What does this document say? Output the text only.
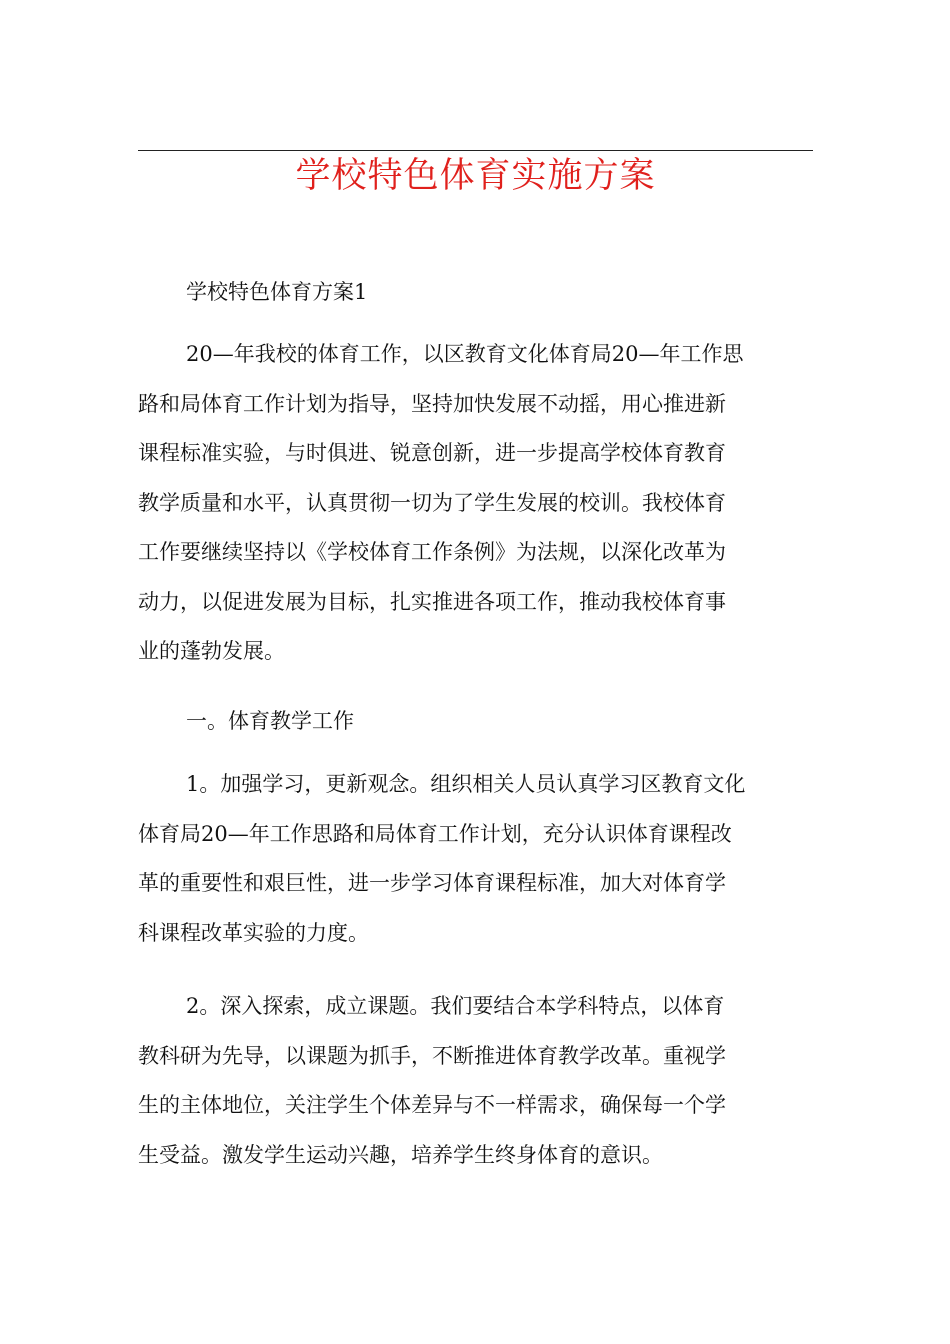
学校特色体育实施方案
学校特色体育方案1
20—年我校的体育工作，以区教育文化体育局20—年工作思
路和局体育工作计划为指导，坚持加快发展不动摇，用心推进新
课程标准实验，与时俱进、锐意创新，进一步提高学校体育教育
教学质量和水平，认真贯彻一切为了学生发展的校训。我校体育
工作要继续坚持以《学校体育工作条例》为法规，以深化改革为
动力，以促进发展为目标，扎实推进各项工作，推动我校体育事
业的蓬勃发展。
一。体育教学工作
1。加强学习，更新观念。组织相关人员认真学习区教育文化
体育局20—年工作思路和局体育工作计划，充分认识体育课程改
革的重要性和艰巨性，进一步学习体育课程标准，加大对体育学
科课程改革实验的力度。
2。深入探索，成立课题。我们要结合本学科特点，以体育
教科研为先导，以课题为抓手，不断推进体育教学改革。重视学
生的主体地位，关注学生个体差异与不一样需求，确保每一个学
生受益。激发学生运动兴趣，培养学生终身体育的意识。
